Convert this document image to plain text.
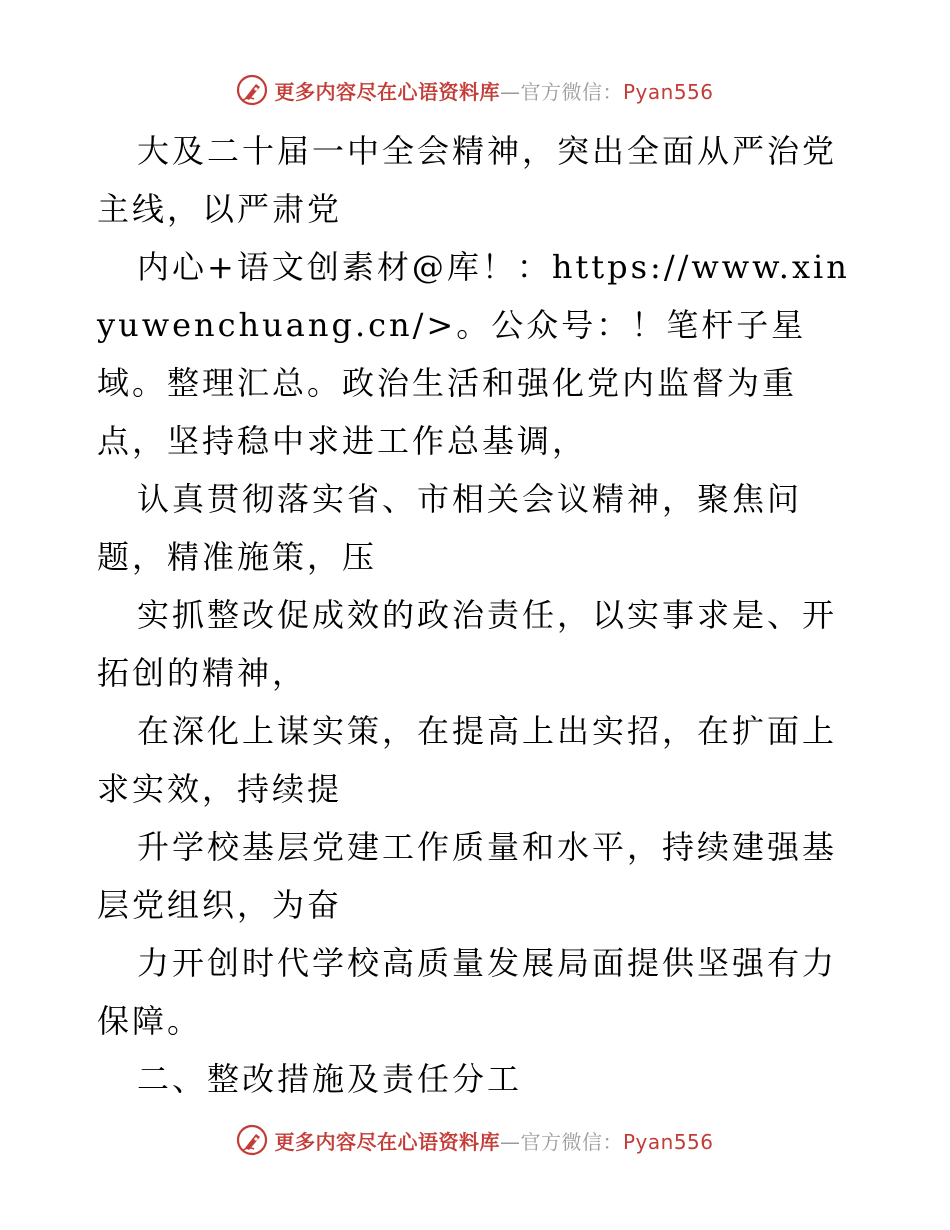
更多内容尽在心语资料库—官方微信：Pyan556

大及二十届一中全会精神，突出全面从严治党主线，以严肃党

内心+语文创素材@库！：https://www.xinyuwenchuang.cn/>。公众号：！笔杆子星域。整理汇总。政治生活和强化党内监督为重点，坚持稳中求进工作总基调，

认真贯彻落实省、市相关会议精神，聚焦问题，精准施策，压

实抓整改促成效的政治责任，以实事求是、开拓创的精神，

在深化上谋实策，在提高上出实招，在扩面上求实效，持续提

升学校基层党建工作质量和水平，持续建强基层党组织，为奋

力开创时代学校高质量发展局面提供坚强有力保障。

二、整改措施及责任分工

更多内容尽在心语资料库—官方微信：Pyan556
